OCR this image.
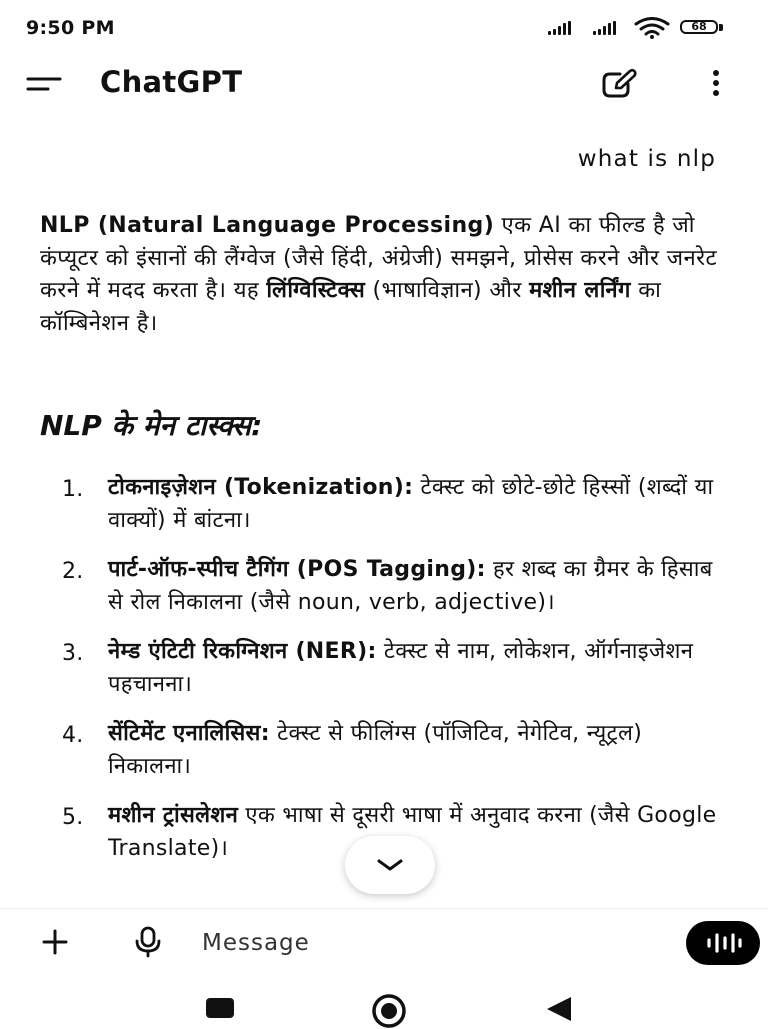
9:50 PM	68
ChatGPT
what is nlp

NLP (Natural Language Processing) एक AI का फील्ड है जो कंप्यूटर को इंसानों की लैंग्वेज (जैसे हिंदी, अंग्रेजी) समझने, प्रोसेस करने और जनरेट करने में मदद करता है। यह लिंग्विस्टिक्स (भाषाविज्ञान) और मशीन लर्निंग का कॉम्बिनेशन है।

NLP के मेन टास्क्स:
1. टोकनाइज़ेशन (Tokenization): टेक्स्ट को छोटे-छोटे हिस्सों (शब्दों या वाक्यों) में बांटना।
2. पार्ट-ऑफ-स्पीच टैगिंग (POS Tagging): हर शब्द का ग्रैमर के हिसाब से रोल निकालना (जैसे noun, verb, adjective)।
3. नेम्ड एंटिटी रिकग्निशन (NER): टेक्स्ट से नाम, लोकेशन, ऑर्गनाइजेशन पहचानना।
4. सेंटिमेंट एनालिसिस: टेक्स्ट से फीलिंग्स (पॉजिटिव, नेगेटिव, न्यूट्रल) निकालना।
5. मशीन ट्रांसलेशन एक भाषा से दूसरी भाषा में अनुवाद करना (जैसे Google Translate)।
Message
